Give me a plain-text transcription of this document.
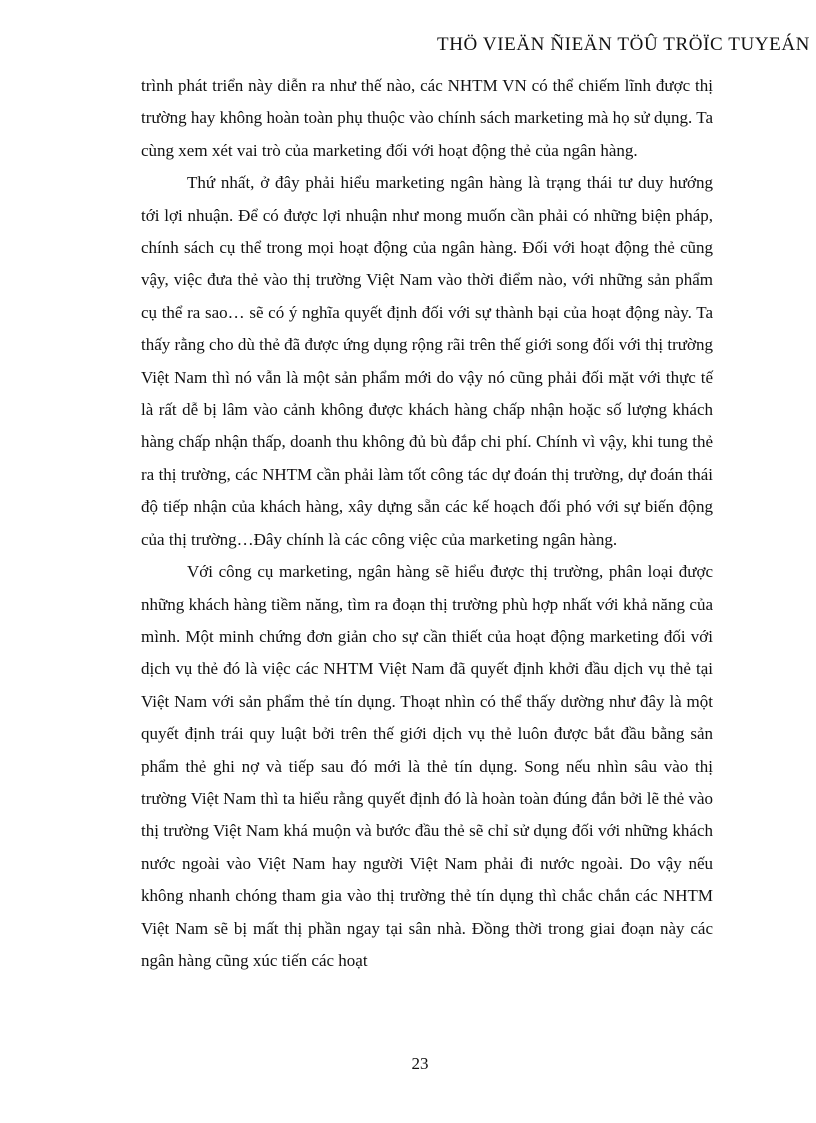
THÖ VIEÄN ÑIEÄN TÖÛ TRÖÏC TUYEÁN

trình phát triển này diễn ra như thế nào, các NHTM VN có thể chiếm lĩnh được thị trường hay không hoàn toàn phụ thuộc vào chính sách marketing mà họ sử dụng. Ta cùng xem xét vai trò của marketing đối với hoạt động thẻ của ngân hàng.

Thứ nhất, ở đây phải hiểu marketing ngân hàng là trạng thái tư duy hướng tới lợi nhuận. Để có được lợi nhuận như mong muốn cần phải có những biện pháp, chính sách cụ thể trong mọi hoạt động của ngân hàng. Đối với hoạt động thẻ cũng vậy, việc đưa thẻ vào thị trường Việt Nam vào thời điểm nào, với những sản phẩm cụ thể ra sao… sẽ có ý nghĩa quyết định đối với sự thành bại của hoạt động này. Ta thấy rằng cho dù thẻ đã được ứng dụng rộng rãi trên thế giới song đối với thị trường Việt Nam thì nó vẫn là một sản phẩm mới do vậy nó cũng phải đối mặt với thực tế là rất dễ bị lâm vào cảnh không được khách hàng chấp nhận hoặc số lượng khách hàng chấp nhận thấp, doanh thu không đủ bù đắp chi phí. Chính vì vậy, khi tung thẻ ra thị trường, các NHTM cần phải làm tốt công tác dự đoán thị trường, dự đoán thái độ tiếp nhận của khách hàng, xây dựng sẵn các kế hoạch đối phó với sự biến động của thị trường…Đây chính là các công việc của marketing ngân hàng.

Với công cụ marketing, ngân hàng sẽ hiểu được thị trường, phân loại được những khách hàng tiềm năng, tìm ra đoạn thị trường phù hợp nhất với khả năng của mình. Một minh chứng đơn giản cho sự cần thiết của hoạt động marketing đối với dịch vụ thẻ đó là việc các NHTM Việt Nam đã quyết định khởi đầu dịch vụ thẻ tại Việt Nam với sản phẩm thẻ tín dụng. Thoạt nhìn có thể thấy dường như đây là một quyết định trái quy luật bởi trên thế giới dịch vụ thẻ luôn được bắt đầu bằng sản phẩm thẻ ghi nợ và tiếp sau đó mới là thẻ tín dụng. Song nếu nhìn sâu vào thị trường Việt Nam thì ta hiểu rằng quyết định đó là hoàn toàn đúng đắn bởi lẽ thẻ vào thị trường Việt Nam khá muộn và bước đầu thẻ sẽ chỉ sử dụng đối với những khách nước ngoài vào Việt Nam hay người Việt Nam phải đi nước ngoài. Do vậy nếu không nhanh chóng tham gia vào thị trường thẻ tín dụng thì chắc chắn các NHTM Việt Nam sẽ bị mất thị phần ngay tại sân nhà. Đồng thời trong giai đoạn này các ngân hàng cũng xúc tiến các hoạt

23
